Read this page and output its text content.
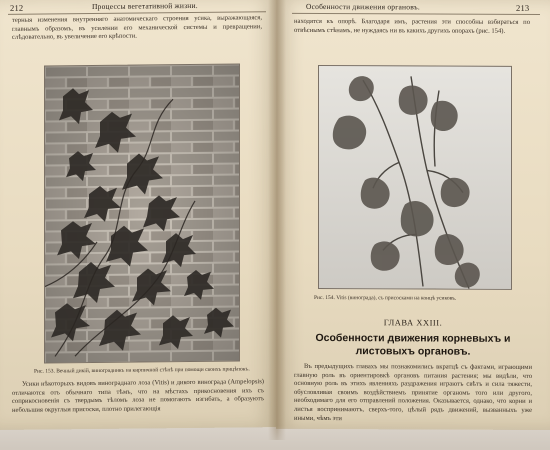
212	Процессы вегетативной жизни.
терныя изменения внутренняго анатомическаго строения усика, выражающаяся, главнымъ образомъ, въ усилении его механической системы и превращении, слѣдовательно, въ увеличение его крѣпости.
Рис. 153. Вечный дикiй, виноградникъ на кирпичной стѣнѣ при помощи своихъ прицѣпокъ.
Усики нѣкоторыхъ видовъ винограднаго лоза (Vitis) и дикого винограда (Ampelopsis) отличаются отъ обычнаго типа тѣмъ, что на мѣстахъ прикосновения ихъ съ соприкосновенiя съ твердымъ тѣломъ лоза не помогаютъ изгибать, а образуютъ небольшия округлыя присоски, плотно прилегающiя
Особенности движения органовъ.	213
находятся къ опорѣ. Благодаря имъ, растения эти способны взбираться по отвѣснымъ стѣнамъ, не нуждаясь ни въ какихъ другихъ опорахъ (рис. 154).
Рис. 154. Vitis (винограда), съ присосками на концѣ усиковъ.
ГЛАВА XXIII.
Особенности движения корневыхъ и листовыхъ органовъ.
Въ предыдущихъ главахъ мы познакомились вкратцѣ съ фактами, играющими главную роль въ ориентировкѣ органовъ питания растения; мы видѣли, что основную роль въ этихъ явленияхъ раздражения играютъ свѣтъ и сила тяжести, обусловливая своимъ воздѣйствиемъ принятие органомъ того или другого, необходимаго для его отправлений положения. Оказывается, однако, что корни и листья воспринимаютъ, сверхъ-того, цѣлый рядъ движений, вызванныхъ уже иными, чѣмъ эти
